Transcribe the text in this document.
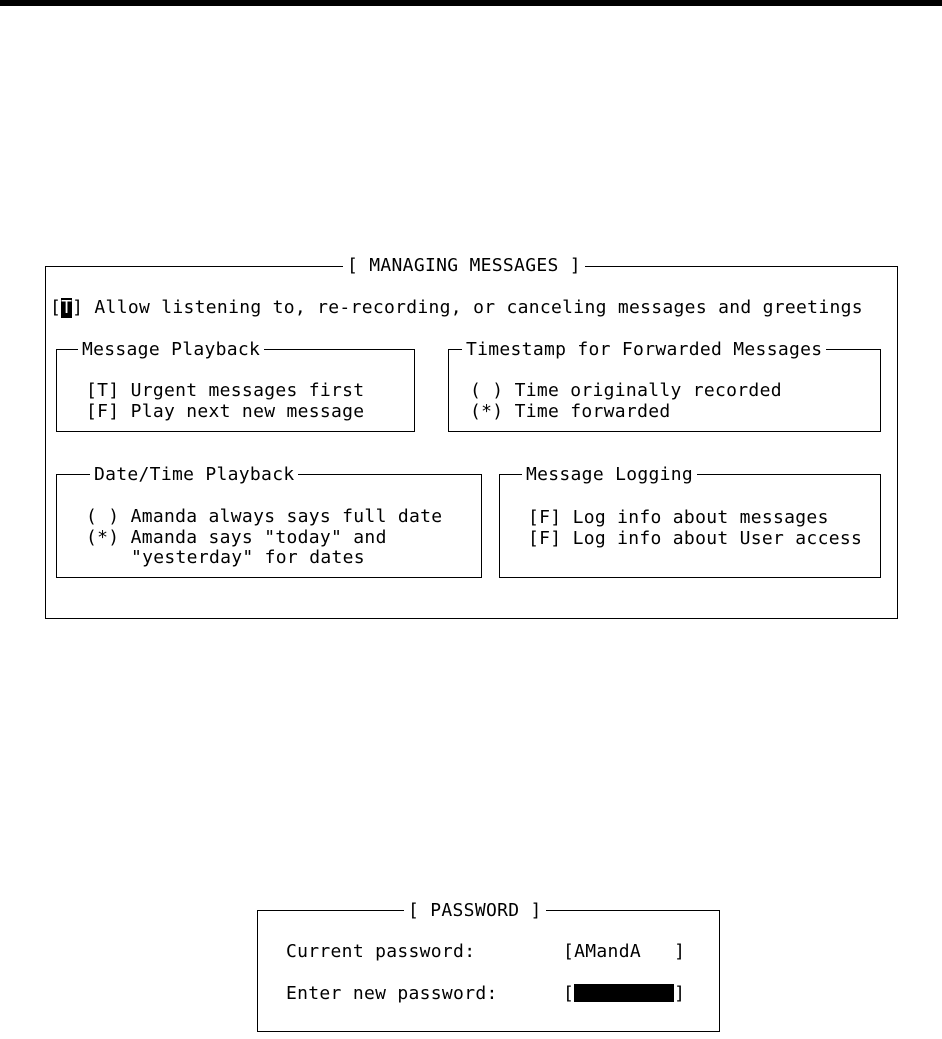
[ MANAGING MESSAGES ]
[T] Allow listening to, re-recording, or canceling messages and greetings
Message Playback
[T] Urgent messages first
[F] Play next new message
Timestamp for Forwarded Messages
( ) Time originally recorded
(*) Time forwarded
Date/Time Playback
( ) Amanda always says full date
(*) Amanda says "today" and
"yesterday" for dates
Message Logging
[F] Log info about messages
[F] Log info about User access
[ PASSWORD ]
Current password:	[AMandA ]
Enter new password:	[	]
